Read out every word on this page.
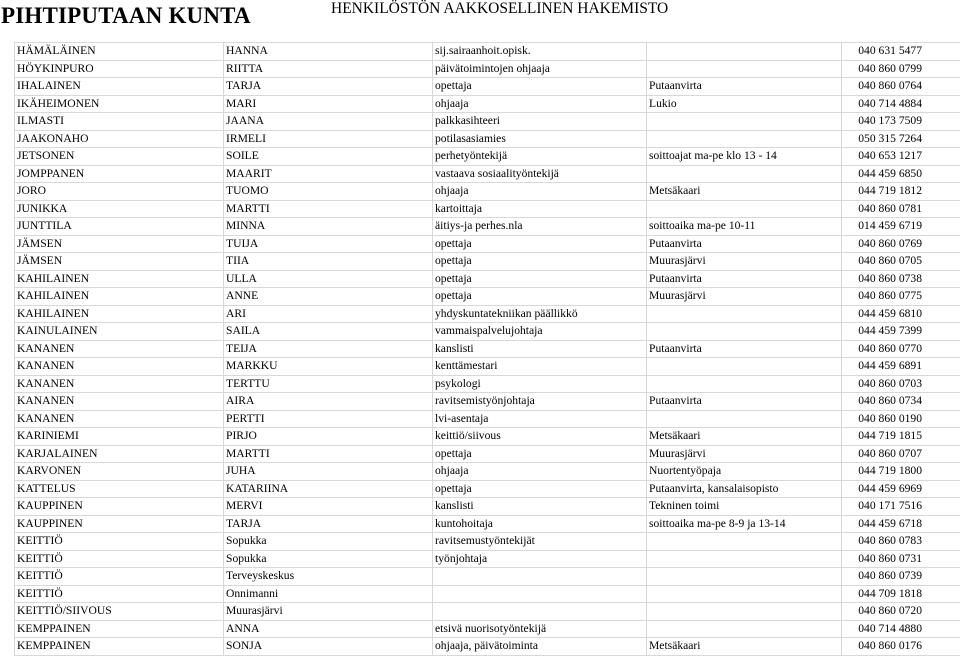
PIHTIPUTAAN KUNTA	HENKILÖSTÖN AAKKOSELLINEN HAKEMISTO
HÄMÄLÄINEN	HANNA	sij.sairaanhoit.opisk.		040 631 5477
HÖYKINPURO	RIITTA	päivätoimintojen ohjaaja		040 860 0799
IHALAINEN	TARJA	opettaja	Putaanvirta	040 860 0764
IKÄHEIMONEN	MARI	ohjaaja	Lukio	040 714 4884
ILMASTI	JAANA	palkkasihteeri		040 173 7509
JAAKONAHO	IRMELI	potilasasiamies		050 315 7264
JETSONEN	SOILE	perhetyöntekijä	soittoajat ma-pe klo 13 - 14	040 653 1217
JOMPPANEN	MAARIT	vastaava sosiaalityöntekijä		044 459 6850
JORO	TUOMO	ohjaaja	Metsäkaari	044 719 1812
JUNIKKA	MARTTI	kartoittaja		040 860 0781
JUNTTILA	MINNA	äitiys-ja perhes.nla	soittoaika ma-pe 10-11	014 459 6719
JÄMSEN	TUIJA	opettaja	Putaanvirta	040 860 0769
JÄMSEN	TIIA	opettaja	Muurasjärvi	040 860 0705
KAHILAINEN	ULLA	opettaja	Putaanvirta	040 860 0738
KAHILAINEN	ANNE	opettaja	Muurasjärvi	040 860 0775
KAHILAINEN	ARI	yhdyskuntatekniikan päällikkö		044 459 6810
KAINULAINEN	SAILA	vammaispalvelujohtaja		044 459 7399
KANANEN	TEIJA	kanslisti	Putaanvirta	040 860 0770
KANANEN	MARKKU	kenttämestari		044 459 6891
KANANEN	TERTTU	psykologi		040 860 0703
KANANEN	AIRA	ravitsemistyönjohtaja	Putaanvirta	040 860 0734
KANANEN	PERTTI	lvi-asentaja		040 860 0190
KARINIEMI	PIRJO	keittiö/siivous	Metsäkaari	044 719 1815
KARJALAINEN	MARTTI	opettaja	Muurasjärvi	040 860 0707
KARVONEN	JUHA	ohjaaja	Nuortentyöpaja	044 719 1800
KATTELUS	KATARIINA	opettaja	Putaanvirta, kansalaisopisto	044 459 6969
KAUPPINEN	MERVI	kanslisti	Tekninen toimi	040 171 7516
KAUPPINEN	TARJA	kuntohoitaja	soittoaika ma-pe 8-9 ja 13-14	044 459 6718
KEITTIÖ	Sopukka	ravitsemustyöntekijät		040 860 0783
KEITTIÖ	Sopukka	työnjohtaja		040 860 0731
KEITTIÖ	Terveyskeskus			040 860 0739
KEITTIÖ	Onnimanni			044 709 1818
KEITTIÖ/SIIVOUS	Muurasjärvi			040 860 0720
KEMPPAINEN	ANNA	etsivä nuorisotyöntekijä		040 714 4880
KEMPPAINEN	SONJA	ohjaaja, päivätoiminta	Metsäkaari	040 860 0176
